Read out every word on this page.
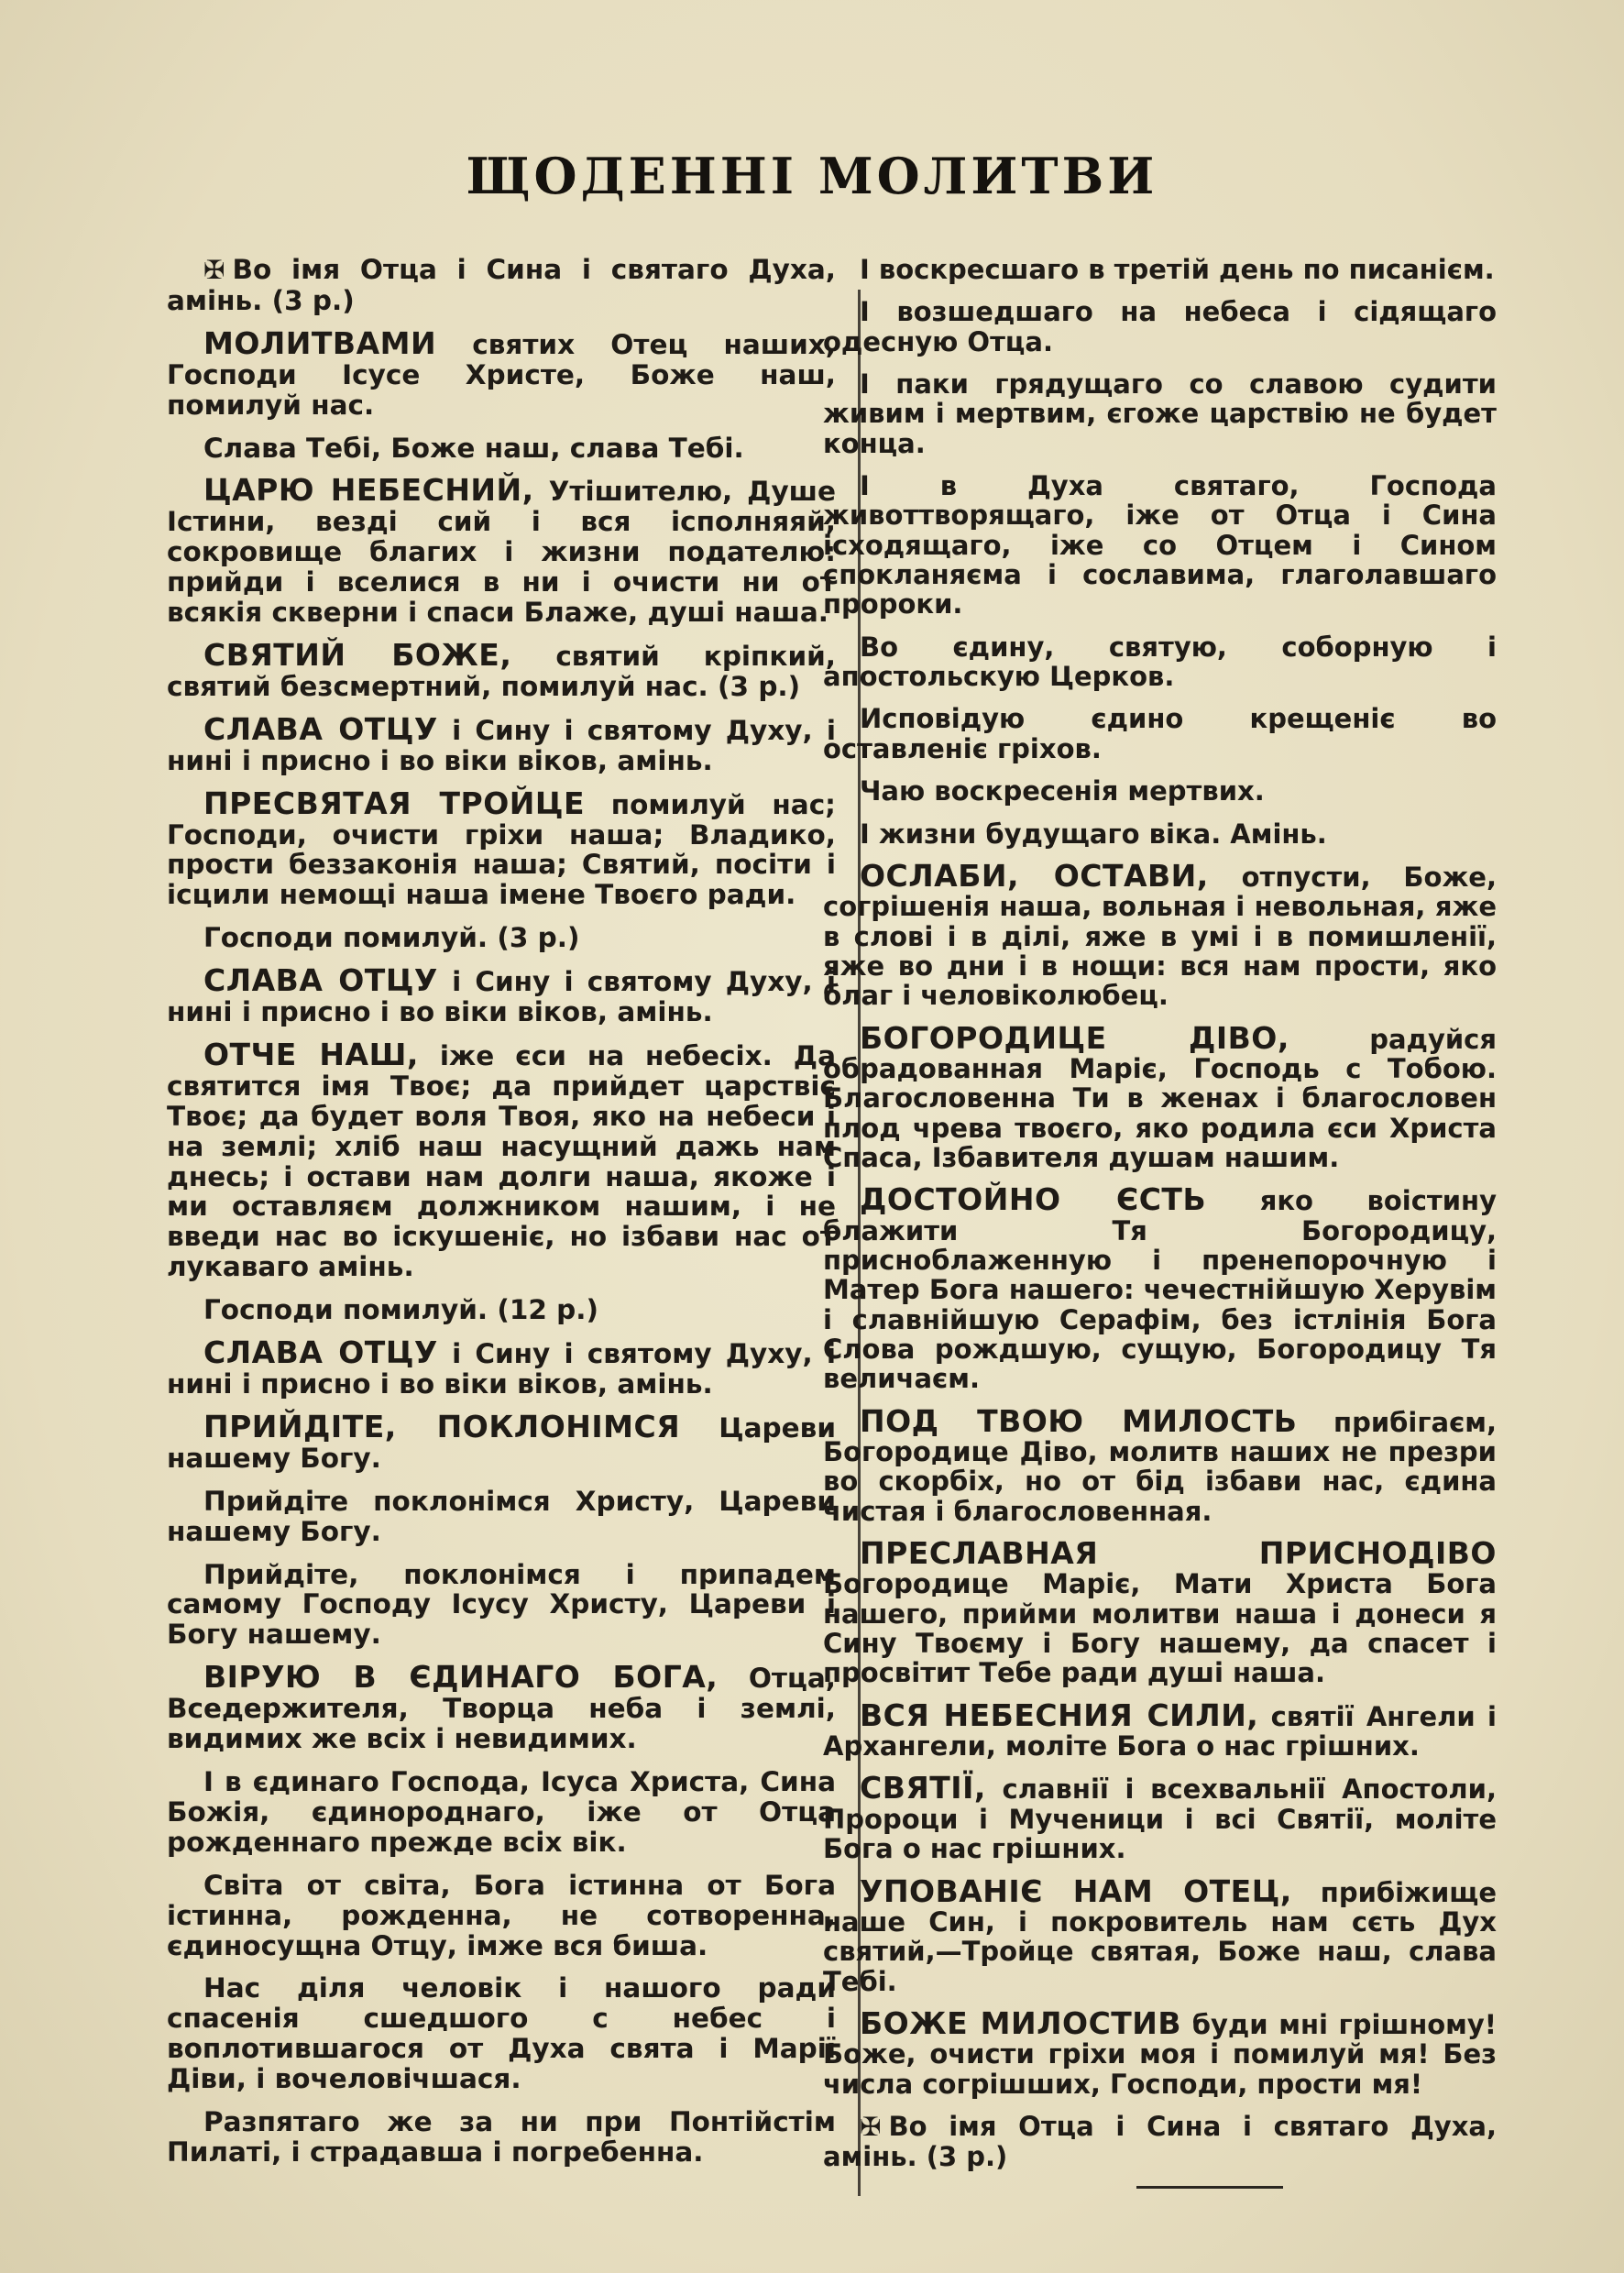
ЩОДЕННІ МОЛИТВИ

✠ Во імя Отца і Сина і святаго Духа, амінь. (3 р.)

МОЛИТВАМИ святих Отец наших, Господи Ісусе Христе, Боже наш, помилуй нас.

Слава Тебі, Боже наш, слава Тебі.

ЦАРЮ НЕБЕСНИЙ, Утішителю, Душе Істини, везді сий і вся ісполняяй, сокровище благих і жизни подателю: прийди і вселися в ни і очисти ни от всякія скверни і спаси Блаже, душі наша.

СВЯТИЙ БОЖЕ, святий кріпкий, святий безсмертний, помилуй нас. (3 р.)

СЛАВА ОТЦУ і Сину і святому Духу, і нині і присно і во віки віков, амінь.

ПРЕСВЯТАЯ ТРОЙЦЕ помилуй нас; Господи, очисти гріхи наша; Владико, прости беззаконія наша; Святий, посіти і ісцили немощі наша імене Твоєго ради.

Господи помилуй. (3 р.)

СЛАВА ОТЦУ і Сину і святому Духу, і нині і присно і во віки віков, амінь.

ОТЧЕ НАШ, іже єси на небесіх. Да святится імя Твоє; да прийдет царствіє Твоє; да будет воля Твоя, яко на небеси і на землі; хліб наш насущний дажь нам днесь; і остави нам долги наша, якоже і ми оставляєм должником нашим, і не введи нас во іскушеніє, но ізбави нас от лукаваго амінь.

Господи помилуй. (12 р.)

СЛАВА ОТЦУ і Сину і святому Духу, і нині і присно і во віки віков, амінь.

ПРИЙДІТЕ, ПОКЛОНІМСЯ Цареви нашему Богу.

Прийдіте поклонімся Христу, Цареви нашему Богу.

Прийдіте, поклонімся і припадем самому Господу Ісусу Христу, Цареви і Богу нашему.

ВІРУЮ В ЄДИНАГО БОГА, Отца, Вседержителя, Творца неба і землі, видимих же всіх і невидимих.

І в єдинаго Господа, Ісуса Христа, Сина Божія, єдинороднаго, іже от Отца рожденнаго прежде всіх вік.

Світа от світа, Бога істинна от Бога істинна, рожденна, не сотворенна, єдиносущна Отцу, імже вся биша.

Нас діля человік і нашого ради спасенія сшедшого с небес і воплотившагося от Духа свята і Марії Діви, і вочеловічшася.

Разпятаго же за ни при Понтійстім Пилаті, і страдавша і погребенна.

І воскресшаго в третій день по писанієм.

І возшедшаго на небеса і сідящаго одесную Отца.

І паки грядущаго со славою судити живим і мертвим, єгоже царствію не будет конца.

І в Духа святаго, Господа животтворящаго, іже от Отца і Сина ісходящаго, іже со Отцем і Сином спокланяєма і сославима, глаголавшаго пророки.

Во єдину, святую, соборную і апостольскую Церков.

Исповідую єдино крещеніє во оставленіє гріхов.

Чаю воскресенія мертвих.

І жизни будущаго віка. Амінь.

ОСЛАБИ, ОСТАВИ, отпусти, Боже, согрішенія наша, вольная і невольная, яже в слові і в ділі, яже в умі і в помишленії, яже во дни і в нощи: вся нам прости, яко благ і человіколюбец.

БОГОРОДИЦЕ ДІВО, радуйся обрадованная Маріє, Господь с Тобою. Благословенна Ти в женах і благословен плод чрева твоєго, яко родила єси Христа Спаса, Ізбавителя душам нашим.

ДОСТОЙНО ЄСТЬ яко воістину блажити Тя Богородицу, присноблаженную і пренепорочную і Матер Бога нашего: чечестнійшую Херувім і славнійшую Серафім, без істлінія Бога Слова рождшую, сущую, Богородицу Тя величаєм.

ПОД ТВОЮ МИЛОСТЬ прибігаєм, Богородице Діво, молитв наших не презри во скорбіх, но от бід ізбави нас, єдина чистая і благословенная.

ПРЕСЛАВНАЯ ПРИСНОДІВО Богородице Маріє, Мати Христа Бога нашего, прийми молитви наша і донеси я Сину Твоєму і Богу нашему, да спасет і просвітит Тебе ради душі наша.

ВСЯ НЕБЕСНИЯ СИЛИ, святії Ангели і Архангели, моліте Бога о нас грішних.

СВЯТІЇ, славнії і всехвальнії Апостоли, Пророци і Мученици і всі Святії, моліте Бога о нас грішних.

УПОВАНІЄ НАМ ОТЕЦ, прибіжище наше Син, і покровитель нам сєть Дух святий,—Тройце святая, Боже наш, слава Тебі.

БОЖЕ МИЛОСТИВ буди мні грішному! Боже, очисти гріхи моя і помилуй мя! Без числа согрішших, Господи, прости мя!

✠ Во імя Отца і Сина і святаго Духа, амінь. (3 р.)
